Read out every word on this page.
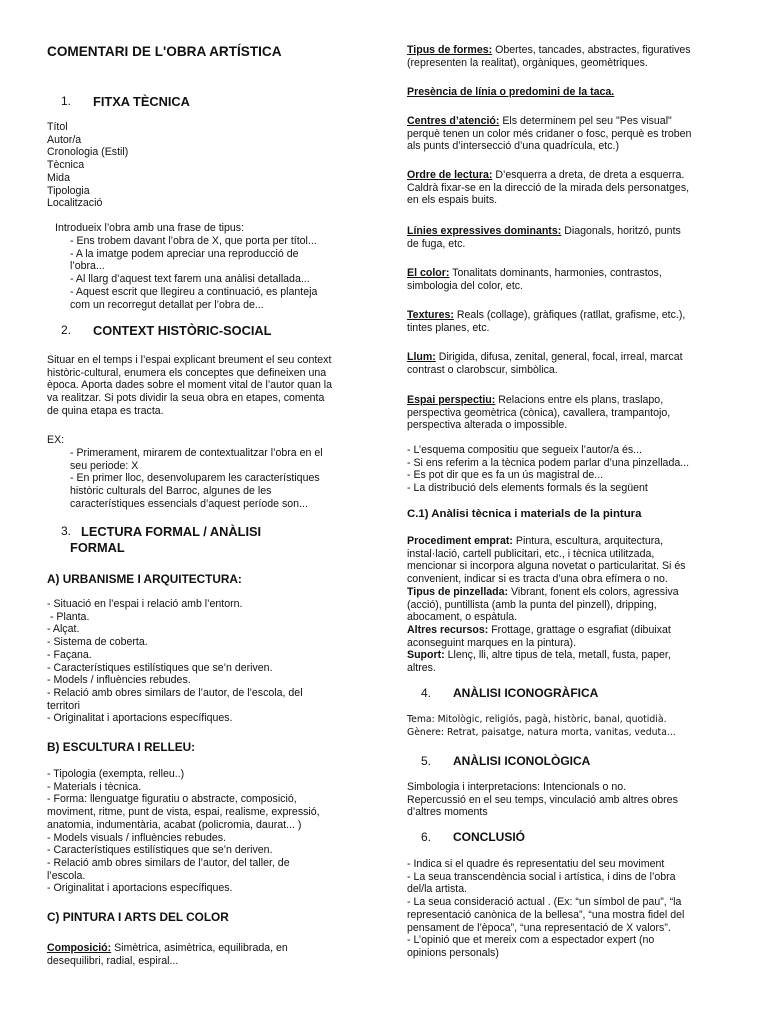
COMENTARI DE L'OBRA ARTÍSTICA
1.	FITXA TÈCNICA
Títol
Autor/a
Cronologia (Estil)
Tècnica
Mida
Tipologia
Localització
Introdueix l’obra amb una frase de tipus:
- Ens trobem davant l’obra de X, que porta per títol...
- A la imatge podem apreciar una reproducció de
l’obra...
- Al llarg d’aquest text farem una anàlisi detallada...
- Aquest escrit que llegireu a continuació, es planteja
com un recorregut detallat per l’obra de...
2.	CONTEXT HISTÒRIC-SOCIAL
Situar en el temps i l’espai explicant breument el seu context
històric-cultural, enumera els conceptes que defineixen una
època. Aporta dades sobre el moment vital de l’autor quan la
va realitzar. Si pots dividir la seua obra en etapes, comenta
de quina etapa es tracta.
EX:
- Primerament, mirarem de contextualitzar l’obra en el
seu periode: X
- En primer lloc, desenvoluparem les característiques
històric culturals del Barroc, algunes de les
característiques essencials d’aquest període son...
3. LECTURA FORMAL / ANÀLISI
FORMAL
A) URBANISME I ARQUITECTURA:
- Situació en l’espai i relació amb l’entorn.
- Planta.
- Alçat.
- Sistema de coberta.
- Façana.
- Característiques estilístiques que se’n deriven.
- Models / influències rebudes.
- Relació amb obres similars de l’autor, de l’escola, del
territori
- Originalitat i aportacions específiques.
B) ESCULTURA I RELLEU:
- Tipologia (exempta, relleu..)
- Materials i tècnica.
- Forma: llenguatge figuratiu o abstracte, composició,
moviment, ritme, punt de vista, espai, realisme, expressió,
anatomia, indumentària, acabat (policromia, daurat... )
- Models visuals / influències rebudes.
- Característiques estilístiques que se’n deriven.
- Relació amb obres similars de l’autor, del taller, de
l’escola.
- Originalitat i aportacions específiques.
C) PINTURA I ARTS DEL COLOR
Composició: Simètrica, asimètrica, equilibrada, en
desequilibri, radial, espiral...
Tipus de formes: Obertes, tancades, abstractes, figuratives
(representen la realitat), orgàniques, geomètriques.
Presència de línia o predomini de la taca.
Centres d’atenció: Els determinem pel seu "Pes visual"
perquè tenen un color més cridaner o fosc, perquè es troben
als punts d’intersecció d’una quadrícula, etc.)
Ordre de lectura: D’esquerra a dreta, de dreta a esquerra.
Caldrà fixar-se en la direcció de la mirada dels personatges,
en els espais buits.
Línies expressives dominants: Diagonals, horitzó, punts
de fuga, etc.
El color: Tonalitats dominants, harmonies, contrastos,
simbologia del color, etc.
Textures: Reals (collage), gràfiques (ratllat, grafisme, etc.),
tintes planes, etc.
Llum: Dirigida, difusa, zenital, general, focal, irreal, marcat
contrast o clarobscur, simbòlica.
Espai perspectiu: Relacions entre els plans, traslapo,
perspectiva geomètrica (cònica), cavallera, trampantojo,
perspectiva alterada o impossible.
- L’esquema compositiu que segueix l’autor/a és...
- Si ens referim a la tècnica podem parlar d’una pinzellada...
- Es pot dir que es fa un ús magistral de...
- La distribució dels elements formals és la següent
C.1) Anàlisi tècnica i materials de la pintura
Procediment emprat: Pintura, escultura, arquitectura,
instal·lació, cartell publicitari, etc., i tècnica utilitzada,
mencionar si incorpora alguna novetat o particularitat. Si és
convenient, indicar si es tracta d’una obra efímera o no.
Tipus de pinzellada: Vibrant, fonent els colors, agressiva
(acció), puntillista (amb la punta del pinzell), dripping,
abocament, o espàtula.
Altres recursos: Frottage, grattage o esgrafiat (dibuixat
aconseguint marques en la pintura).
Suport: Llenç, lli, altre tipus de tela, metall, fusta, paper,
altres.
4.	ANÀLISI ICONOGRÀFICA
Tema: Mitològic, religiós, pagà, històric, banal, quotidià.
Gènere: Retrat, paisatge, natura morta, vanitas, veduta...
5.	ANÀLISI ICONOLÒGICA
Simbologia i interpretacions: Intencionals o no.
Repercussió en el seu temps, vinculació amb altres obres
d’altres moments
6.	CONCLUSIÓ
- Indica si el quadre és representatiu del seu moviment
- La seua transcendència social i artística, i dins de l’obra
del/la artista.
- La seua consideració actual . (Ex: “un símbol de pau”, “la
representació canònica de la bellesa”, “una mostra fidel del
pensament de l’època”, “una representació de X valors”.
- L’opinió que et mereix com a espectador expert (no
opinions personals)
